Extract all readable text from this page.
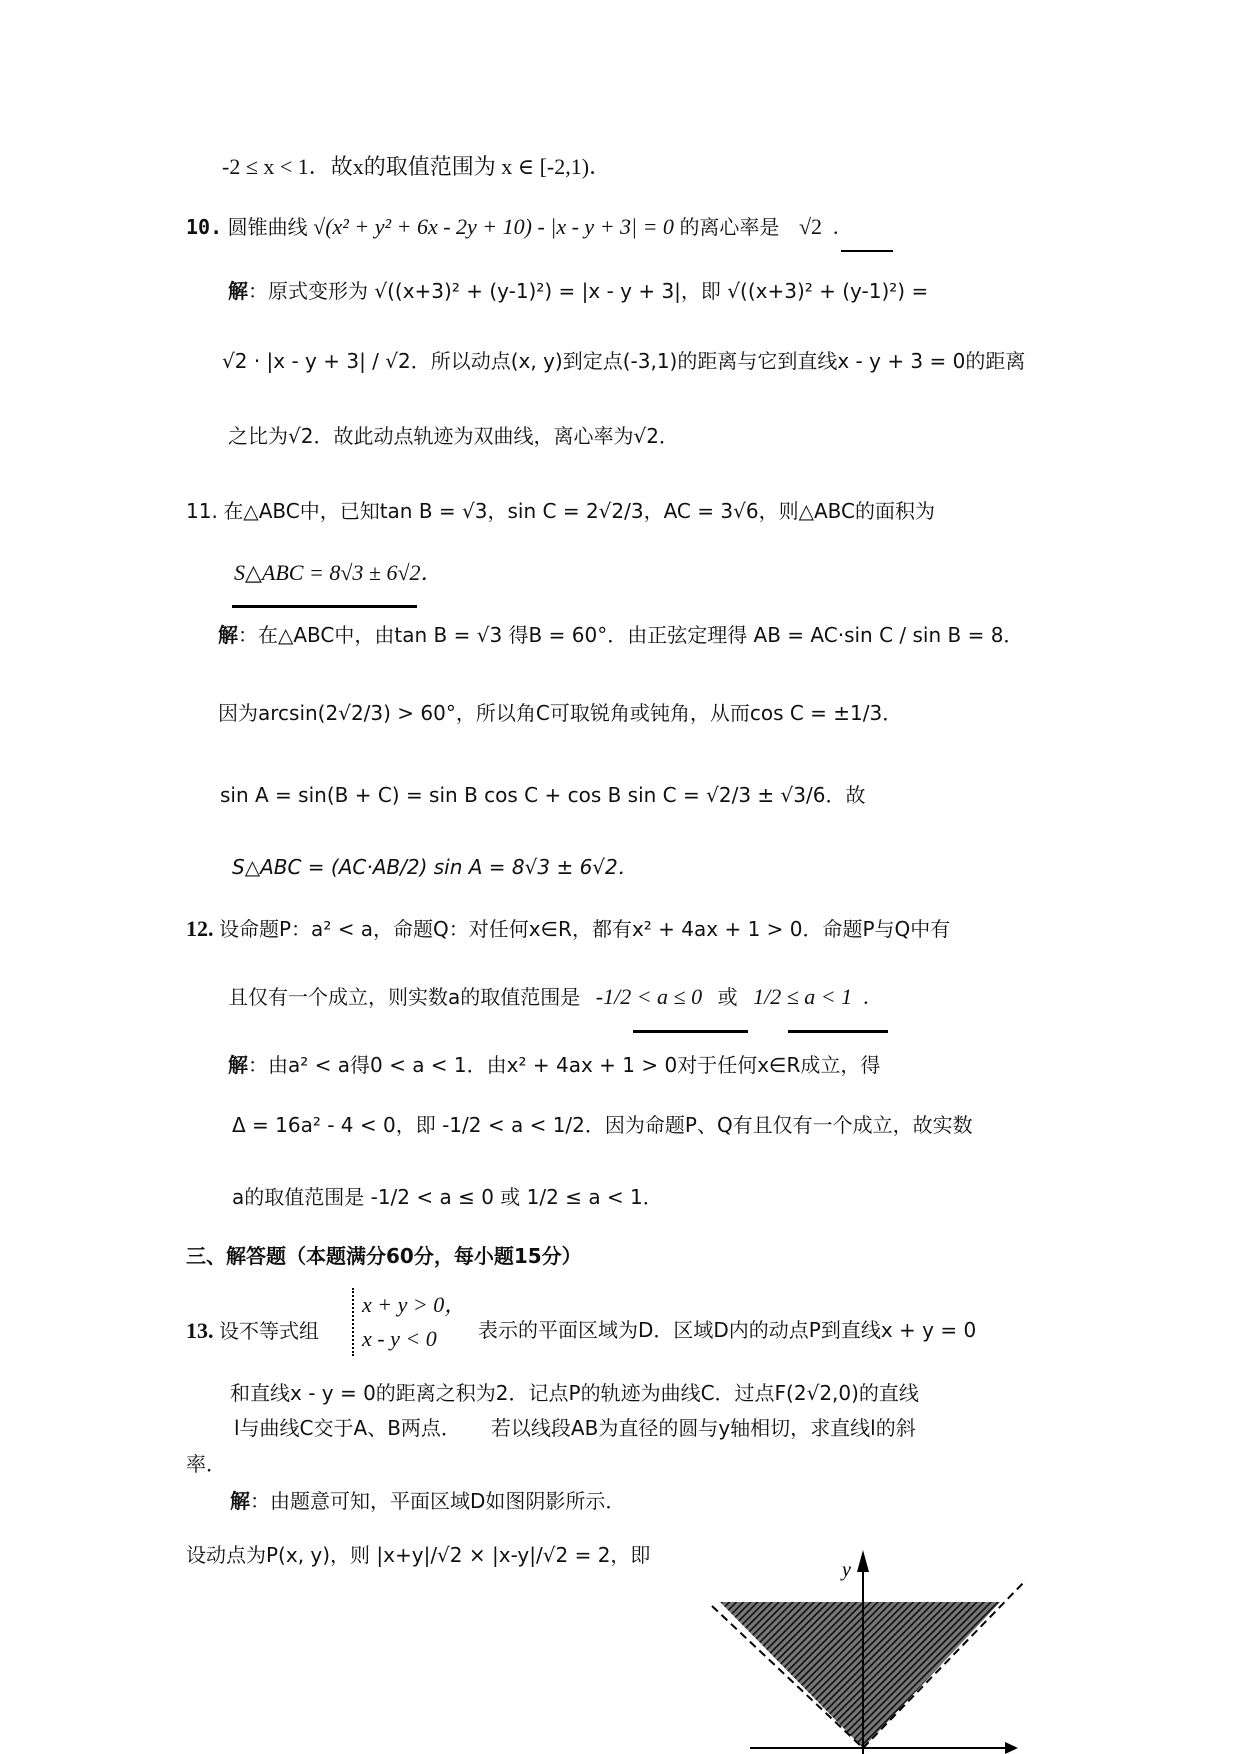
-2 ≤ x < 1．故x的取值范围为 x ∈ [-2,1)．
10. 圆锥曲线 √(x² + y² + 6x - 2y + 10) - |x - y + 3| = 0 的离心率是 √2  .
解：原式变形为 √((x+3)² + (y-1)²) = |x - y + 3|，即 √((x+3)² + (y-1)²) =
√2 · |x - y + 3| / √2．所以动点(x, y)到定点(-3,1)的距离与它到直线x - y + 3 = 0的距离
之比为√2．故此动点轨迹为双曲线，离心率为√2．
11. 在△ABC中，已知tan B = √3，sin C = 2√2/3，AC = 3√6，则△ABC的面积为
S△ABC = 8√3 ± 6√2．
解：在△ABC中，由tan B = √3 得B = 60°．由正弦定理得 AB = AC·sin C / sin B = 8．
因为arcsin(2√2/3) > 60°，所以角C可取锐角或钝角，从而cos C = ±1/3．
sin A = sin(B + C) = sin B cos C + cos B sin C = √2/3 ± √3/6．故
S△ABC = (AC·AB/2) sin A = 8√3 ± 6√2．
12. 设命题P：a² < a，命题Q：对任何x∈R，都有x² + 4ax + 1 > 0．命题P与Q中有
且仅有一个成立，则实数a的取值范围是 -1/2 < a ≤ 0 或 1/2 ≤ a < 1  .
解：由a² < a得0 < a < 1．由x² + 4ax + 1 > 0对于任何x∈R成立，得
Δ = 16a² - 4 < 0，即 -1/2 < a < 1/2．因为命题P、Q有且仅有一个成立，故实数
a的取值范围是 -1/2 < a ≤ 0 或 1/2 ≤ a < 1．
三、解答题（本题满分60分，每小题15分）
13. 设不等式组
x + y > 0，
x - y < 0	表示的平面区域为D．区域D内的动点P到直线x + y = 0
和直线x - y = 0的距离之积为2．记点P的轨迹为曲线C．过点F(2√2,0)的直线
l与曲线C交于A、B两点．　　若以线段AB为直径的圆与y轴相切，求直线l的斜
率．
解：由题意可知，平面区域D如图阴影所示．
设动点为P(x, y)，则 |x+y|/√2 × |x-y|/√2 = 2，即
y
